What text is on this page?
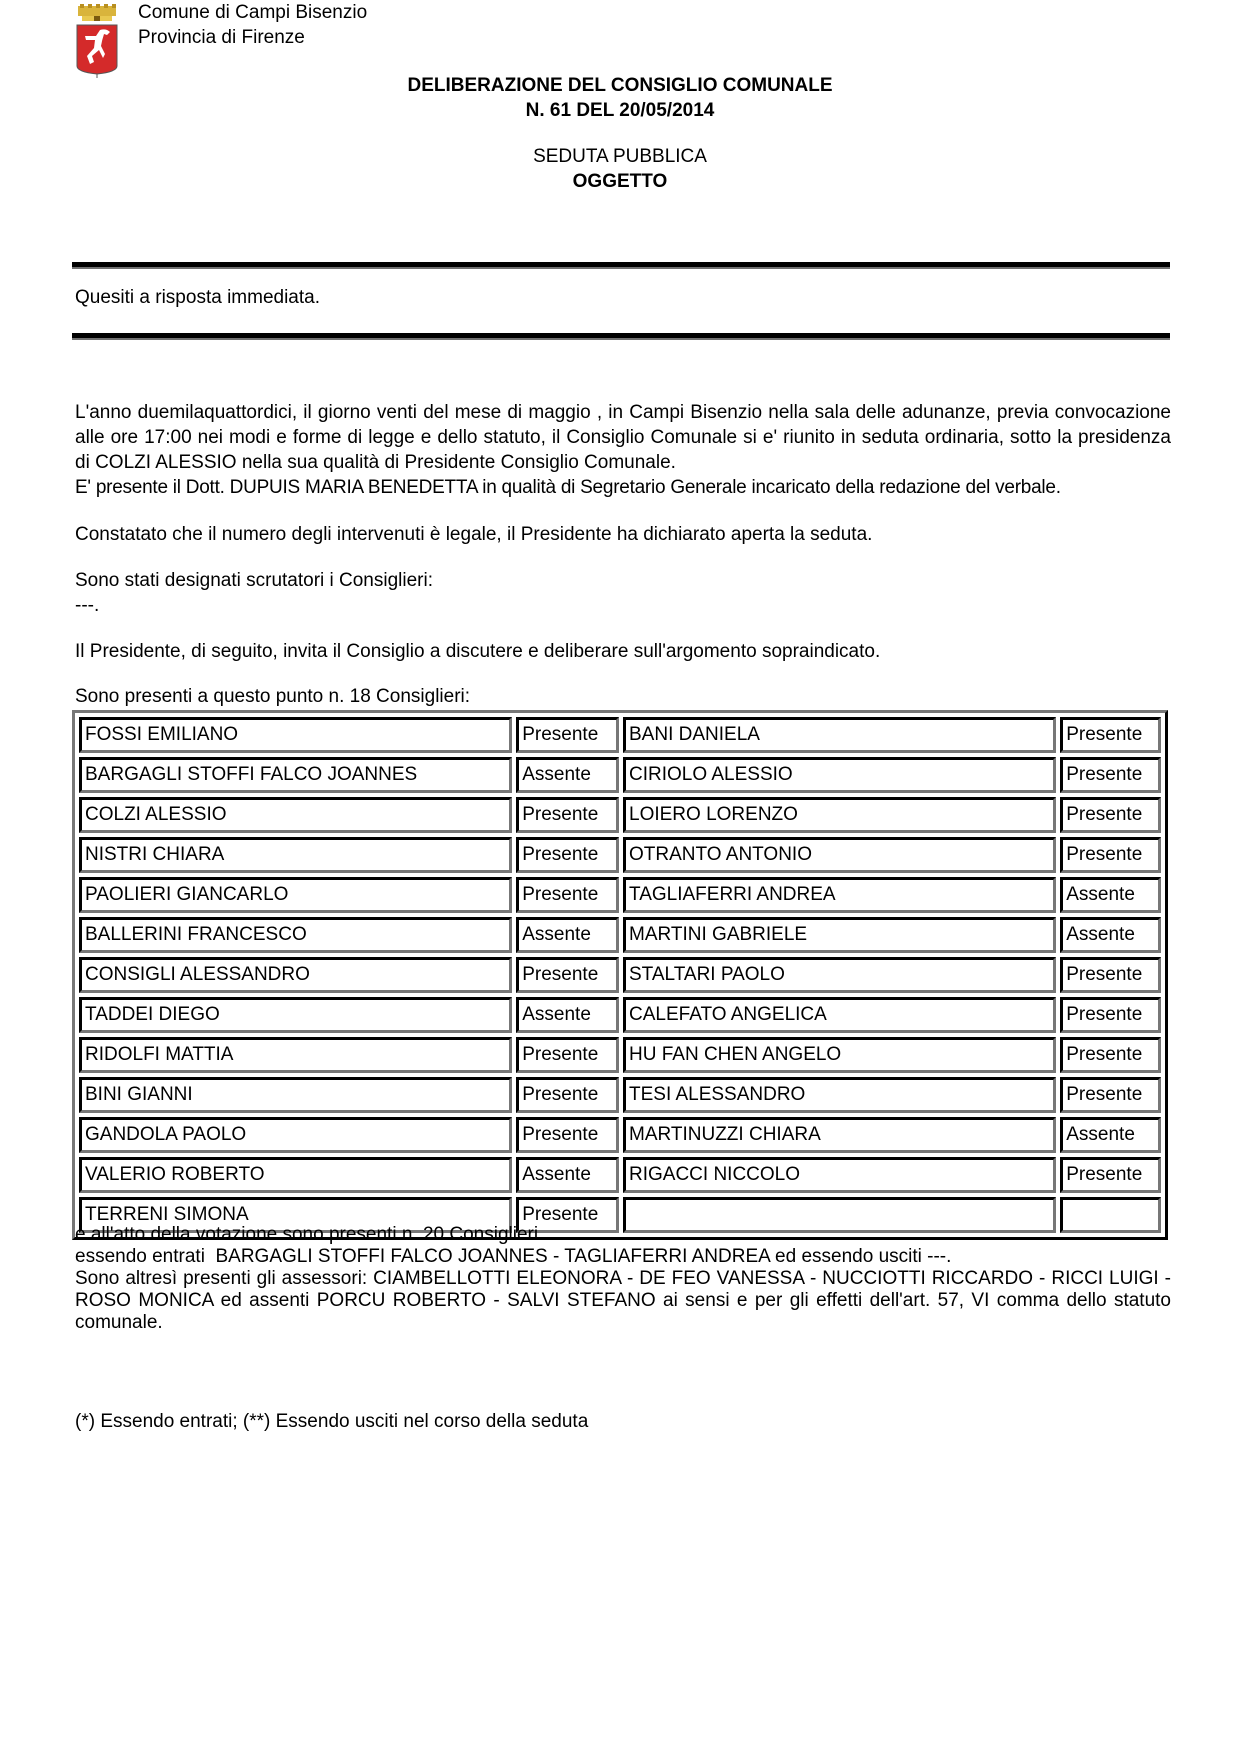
Comune di Campi Bisenzio
Provincia di Firenze
DELIBERAZIONE DEL CONSIGLIO COMUNALE
N. 61 DEL 20/05/2014
SEDUTA PUBBLICA
OGGETTO
Quesiti a risposta immediata.
L'anno duemilaquattordici, il giorno venti del mese di maggio , in Campi Bisenzio nella sala delle adunanze, previa convocazione alle ore 17:00 nei modi e forme di legge e dello statuto, il Consiglio Comunale si e' riunito in seduta ordinaria, sotto la presidenza di COLZI ALESSIO nella sua qualità di Presidente Consiglio Comunale.
E' presente il Dott. DUPUIS MARIA BENEDETTA in qualità di Segretario Generale incaricato della redazione del verbale.
Constatato che il numero degli intervenuti è legale, il Presidente ha dichiarato aperta la seduta.
Sono stati designati scrutatori i Consiglieri:
---.
Il Presidente, di seguito, invita il Consiglio a discutere e deliberare sull'argomento sopraindicato.
Sono presenti a questo punto n. 18 Consiglieri:
FOSSI EMILIANO	Presente	BANI DANIELA	Presente
BARGAGLI STOFFI FALCO JOANNES	Assente	CIRIOLO ALESSIO	Presente
COLZI ALESSIO	Presente	LOIERO LORENZO	Presente
NISTRI CHIARA	Presente	OTRANTO ANTONIO	Presente
PAOLIERI GIANCARLO	Presente	TAGLIAFERRI ANDREA	Assente
BALLERINI FRANCESCO	Assente	MARTINI GABRIELE	Assente
CONSIGLI ALESSANDRO	Presente	STALTARI PAOLO	Presente
TADDEI DIEGO	Assente	CALEFATO ANGELICA	Presente
RIDOLFI MATTIA	Presente	HU FAN CHEN ANGELO	Presente
BINI GIANNI	Presente	TESI ALESSANDRO	Presente
GANDOLA PAOLO	Presente	MARTINUZZI CHIARA	Assente
VALERIO ROBERTO	Assente	RIGACCI NICCOLO	Presente
TERRENI SIMONA	Presente		
e all'atto della votazione sono presenti n. 20 Consiglieri
essendo entrati  BARGAGLI STOFFI FALCO JOANNES - TAGLIAFERRI ANDREA ed essendo usciti ---.
Sono altresì presenti gli assessori: CIAMBELLOTTI ELEONORA - DE FEO VANESSA - NUCCIOTTI RICCARDO - RICCI LUIGI - ROSO MONICA ed assenti PORCU ROBERTO - SALVI STEFANO ai sensi e per gli effetti dell'art. 57, VI comma dello statuto comunale.
(*) Essendo entrati; (**) Essendo usciti nel corso della seduta
